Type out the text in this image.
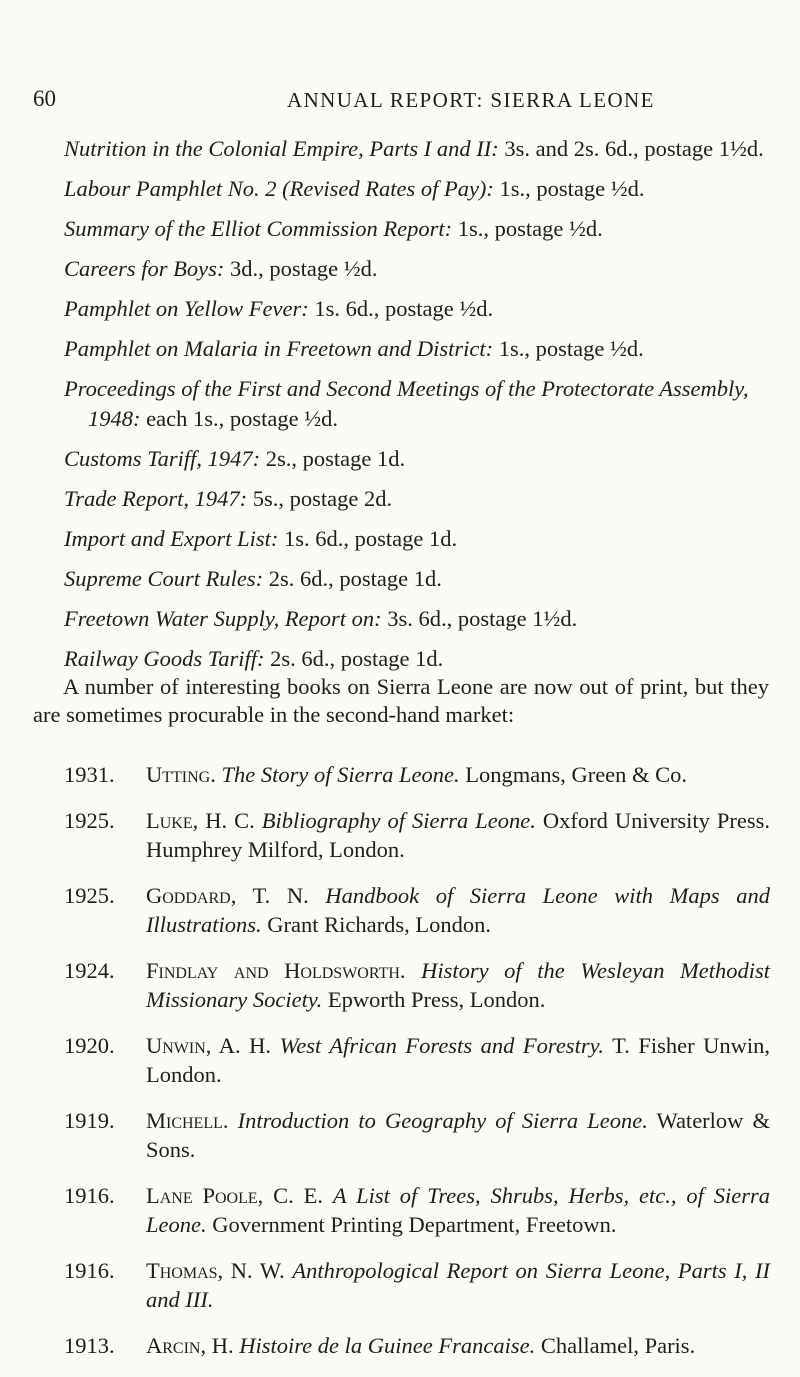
60	ANNUAL REPORT: SIERRA LEONE
Nutrition in the Colonial Empire, Parts I and II: 3s. and 2s. 6d., postage 1½d.
Labour Pamphlet No. 2 (Revised Rates of Pay): 1s., postage ½d.
Summary of the Elliot Commission Report: 1s., postage ½d.
Careers for Boys: 3d., postage ½d.
Pamphlet on Yellow Fever: 1s. 6d., postage ½d.
Pamphlet on Malaria in Freetown and District: 1s., postage ½d.
Proceedings of the First and Second Meetings of the Protectorate Assembly, 1948: each 1s., postage ½d.
Customs Tariff, 1947: 2s., postage 1d.
Trade Report, 1947: 5s., postage 2d.
Import and Export List: 1s. 6d., postage 1d.
Supreme Court Rules: 2s. 6d., postage 1d.
Freetown Water Supply, Report on: 3s. 6d., postage 1½d.
Railway Goods Tariff: 2s. 6d., postage 1d.

A number of interesting books on Sierra Leone are now out of print, but they are sometimes procurable in the second-hand market:

1931. Utting. The Story of Sierra Leone. Longmans, Green & Co.
1925. Luke, H. C. Bibliography of Sierra Leone. Oxford University Press. Humphrey Milford, London.
1925. Goddard, T. N. Handbook of Sierra Leone with Maps and Illustrations. Grant Richards, London.
1924. Findlay and Holdsworth. History of the Wesleyan Methodist Missionary Society. Epworth Press, London.
1920. Unwin, A. H. West African Forests and Forestry. T. Fisher Unwin, London.
1919. Michell. Introduction to Geography of Sierra Leone. Waterlow & Sons.
1916. Lane Poole, C. E. A List of Trees, Shrubs, Herbs, etc., of Sierra Leone. Government Printing Department, Freetown.
1916. Thomas, N. W. Anthropological Report on Sierra Leone, Parts I, II and III.
1913. Arcin, H. Histoire de la Guinee Francaise. Challamel, Paris.
